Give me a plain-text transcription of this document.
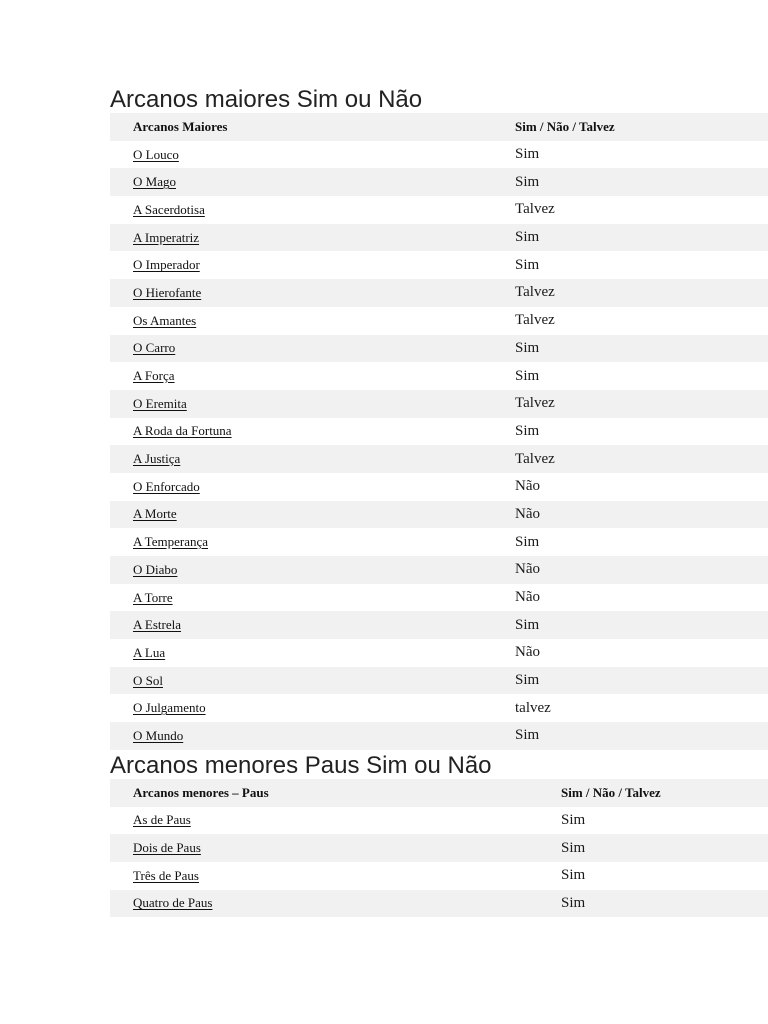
Arcanos maiores Sim ou Não
Arcanos Maiores	Sim / Não / Talvez
O Louco	Sim
O Mago	Sim
A Sacerdotisa	Talvez
A Imperatriz	Sim
O Imperador	Sim
O Hierofante	Talvez
Os Amantes	Talvez
O Carro	Sim
A Força	Sim
O Eremita	Talvez
A Roda da Fortuna	Sim
A Justiça	Talvez
O Enforcado	Não
A Morte	Não
A Temperança	Sim
O Diabo	Não
A Torre	Não
A Estrela	Sim
A Lua	Não
O Sol	Sim
O Julgamento	talvez
O Mundo	Sim
Arcanos menores Paus Sim ou Não
Arcanos menores – Paus	Sim / Não / Talvez
As de Paus	Sim
Dois de Paus	Sim
Três de Paus	Sim
Quatro de Paus	Sim
